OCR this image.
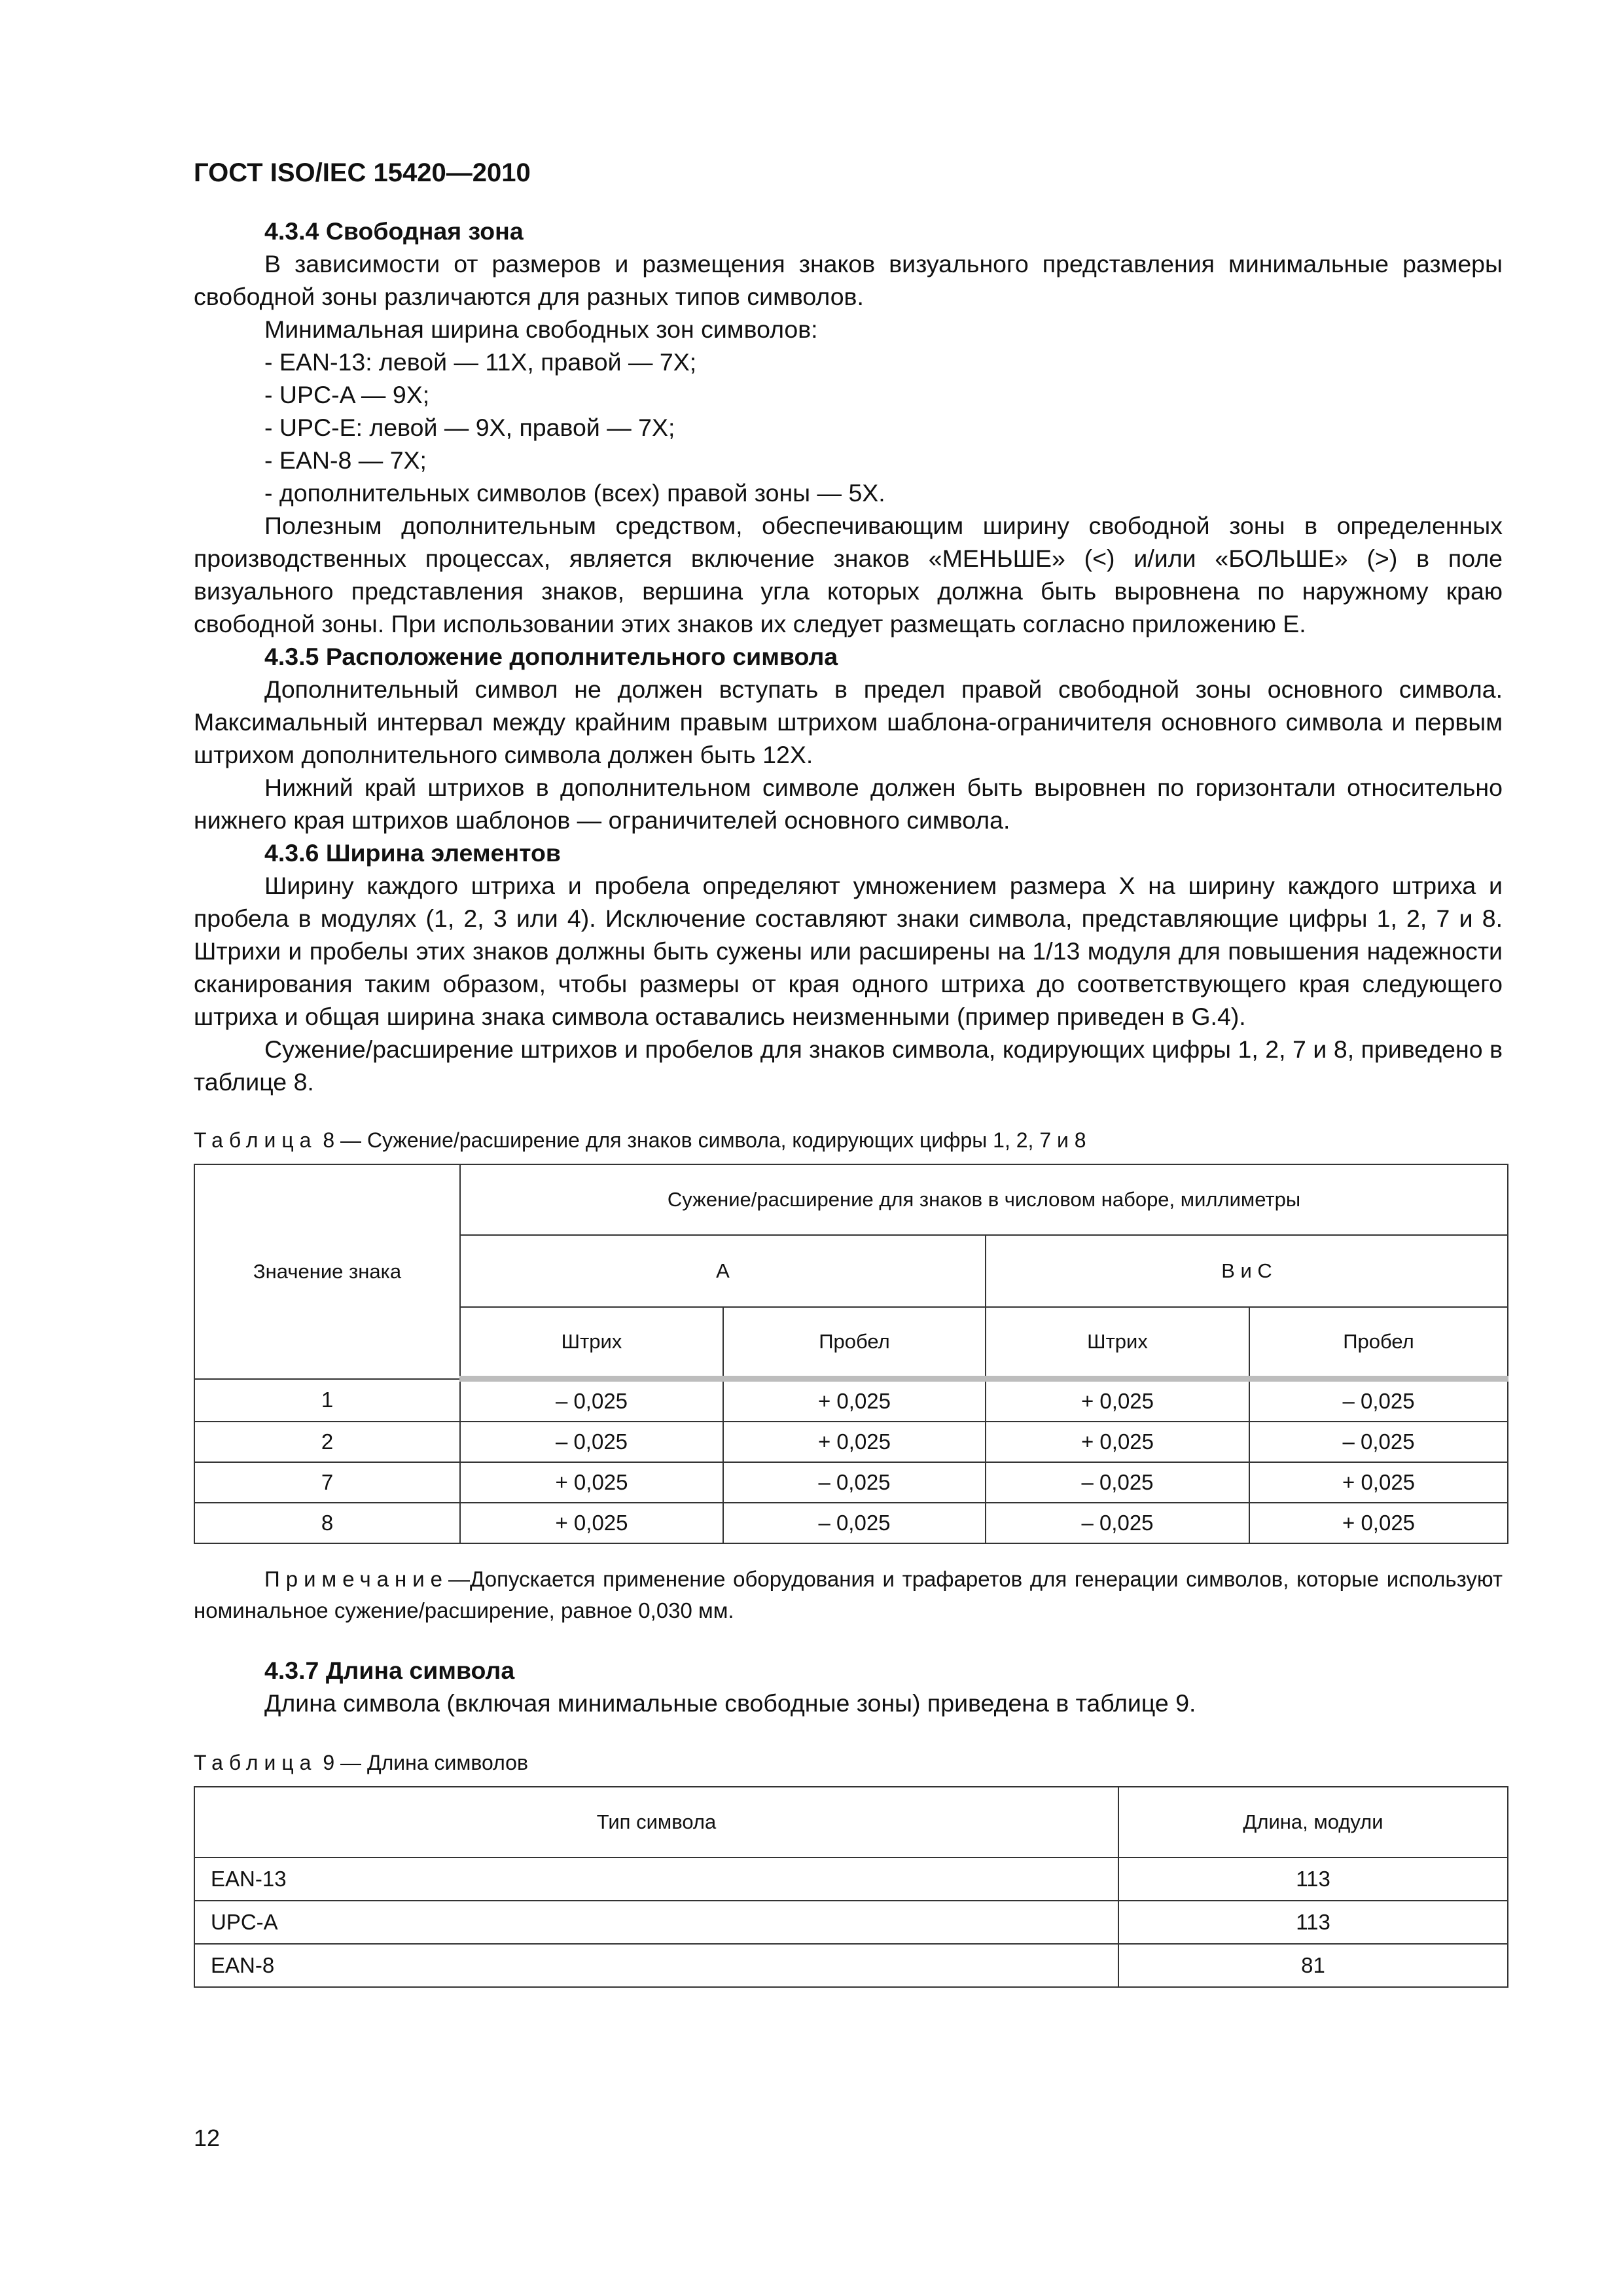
ГОСТ ISO/IEC 15420—2010

4.3.4 Свободная зона

В зависимости от размеров и размещения знаков визуального представления минимальные размеры свободной зоны различаются для разных типов символов.

Минимальная ширина свободных зон символов:

- EAN-13: левой — 11X, правой — 7X;

- UPC-A — 9X;

- UPC-E: левой — 9X, правой — 7X;

- EAN-8 — 7X;

- дополнительных символов (всех) правой зоны — 5X.

Полезным дополнительным средством, обеспечивающим ширину свободной зоны в определенных производственных процессах, является включение знаков «МЕНЬШЕ» (<) и/или «БОЛЬШЕ» (>) в поле визуального представления знаков, вершина угла которых должна быть выровнена по наружному краю свободной зоны. При использовании этих знаков их следует размещать согласно приложению Е.

4.3.5 Расположение дополнительного символа

Дополнительный символ не должен вступать в предел правой свободной зоны основного символа. Максимальный интервал между крайним правым штрихом шаблона-ограничителя основного символа и первым штрихом дополнительного символа должен быть 12X.

Нижний край штрихов в дополнительном символе должен быть выровнен по горизонтали относительно нижнего края штрихов шаблонов — ограничителей основного символа.

4.3.6 Ширина элементов

Ширину каждого штриха и пробела определяют умножением размера X на ширину каждого штриха и пробела в модулях (1, 2, 3 или 4). Исключение составляют знаки символа, представляющие цифры 1, 2, 7 и 8. Штрихи и пробелы этих знаков должны быть сужены или расширены на 1/13 модуля для повышения надежности сканирования таким образом, чтобы размеры от края одного штриха до соответствующего края следующего штриха и общая ширина знака символа оставались неизменными (пример приведен в G.4).

Сужение/расширение штрихов и пробелов для знаков символа, кодирующих цифры 1, 2, 7 и 8, приведено в таблице 8.

Таблица 8 — Сужение/расширение для знаков символа, кодирующих цифры 1, 2, 7 и 8

Значение знака	Сужение/расширение для знаков в числовом наборе, миллиметры			
	А		В и С	
	Штрих	Пробел	Штрих	Пробел
1	– 0,025	+ 0,025	+ 0,025	– 0,025
2	– 0,025	+ 0,025	+ 0,025	– 0,025
7	+ 0,025	– 0,025	– 0,025	+ 0,025
8	+ 0,025	– 0,025	– 0,025	+ 0,025

Примечание—Допускается применение оборудования и трафаретов для генерации символов, которые используют номинальное сужение/расширение, равное 0,030 мм.

4.3.7 Длина символа

Длина символа (включая минимальные свободные зоны) приведена в таблице 9.

Таблица 9 — Длина символов

Тип символа	Длина, модули
EAN-13	113
UPC-A	113
EAN-8	81

12
